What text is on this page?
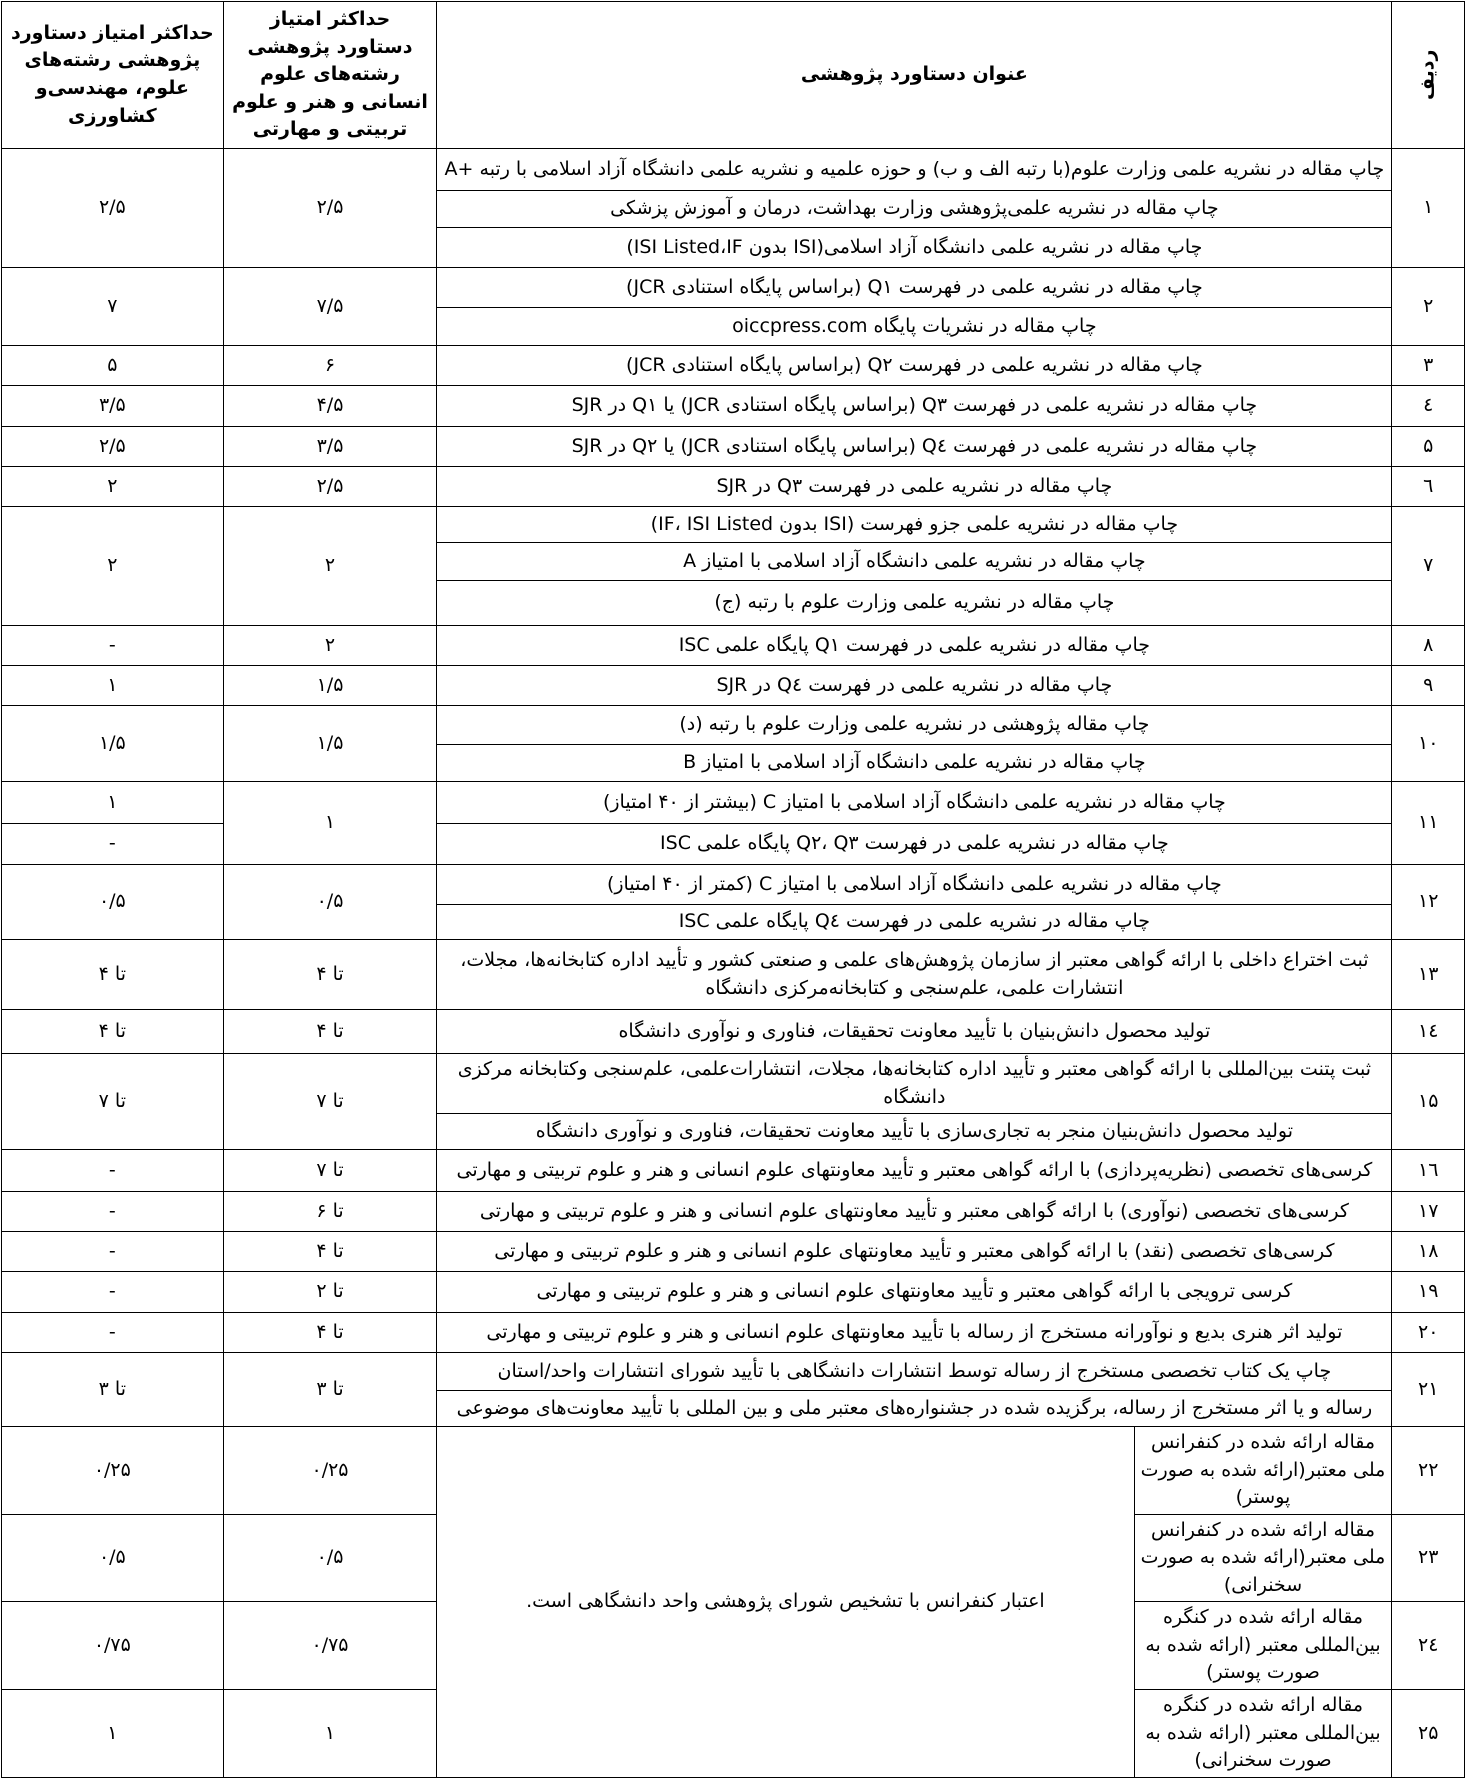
ردیف	عنوان دستاورد پژوهشی		حداکثر امتیاز دستاورد پژوهشی رشته‌های علوم انسانی و هنر و علوم تربیتی و مهارتی	حداکثر امتیاز دستاورد پژوهشی رشته‌های علوم، مهندسی‌و کشاورزی
۱	چاپ مقاله در نشریه علمی وزارت علوم(با رتبه الف و ب) و حوزه علمیه و نشریه علمی دانشگاه آزاد اسلامی با رتبه +A		۲/۵	۲/۵
	چاپ مقاله در نشریه علمی‌پژوهشی وزارت بهداشت، درمان و آموزش پزشکی			
	چاپ مقاله در نشریه علمی دانشگاه آزاد اسلامی(ISI بدون ISI Listed،IF)			
۲	چاپ مقاله در نشریه علمی در فهرست Q۱ (براساس پایگاه استنادی JCR)		۷/۵	۷
	چاپ مقاله در نشریات پایگاه oiccpress.com			
۳	چاپ مقاله در نشریه علمی در فهرست Q۲ (براساس پایگاه استنادی JCR)		۶	۵
٤	چاپ مقاله در نشریه علمی در فهرست Q۳ (براساس پایگاه استنادی JCR) یا Q۱ در SJR		۴/۵	۳/۵
۵	چاپ مقاله در نشریه علمی در فهرست Q٤ (براساس پایگاه استنادی JCR) یا Q۲ در SJR		۳/۵	۲/۵
٦	چاپ مقاله در نشریه علمی در فهرست Q۳ در SJR		۲/۵	۲
۷	چاپ مقاله در نشریه علمی جزو فهرست (ISI بدون IF، ISI Listed)		۲	۲
	چاپ مقاله در نشریه علمی دانشگاه آزاد اسلامی با امتیاز A			
	چاپ مقاله در نشریه علمی وزارت علوم با رتبه (ج)			
۸	چاپ مقاله در نشریه علمی در فهرست Q۱ پایگاه علمی ISC		۲	-
۹	چاپ مقاله در نشریه علمی در فهرست Q٤ در SJR		۱/۵	۱
۱۰	چاپ مقاله پژوهشی در نشریه علمی وزارت علوم با رتبه (د)		۱/۵	۱/۵
	چاپ مقاله در نشریه علمی دانشگاه آزاد اسلامی با امتیاز B			
۱۱	چاپ مقاله در نشریه علمی دانشگاه آزاد اسلامی با امتیاز C (بیشتر از ۴۰ امتیاز)		۱	۱
	چاپ مقاله در نشریه علمی در فهرست Q۲، Q۳ پایگاه علمی ISC			-
۱۲	چاپ مقاله در نشریه علمی دانشگاه آزاد اسلامی با امتیاز C (کمتر از ۴۰ امتیاز)		۰/۵	۰/۵
	چاپ مقاله در نشریه علمی در فهرست Q٤ پایگاه علمی ISC			
۱۳	ثبت اختراع داخلی با ارائه گواهی معتبر از سازمان پژوهش‌های علمی و صنعتی کشور و تأیید اداره کتابخانه‌ها، مجلات، انتشارات علمی، علم‌سنجی و کتابخانه‌مرکزی دانشگاه		تا ۴	تا ۴
۱٤	تولید محصول دانش‌بنیان با تأیید معاونت تحقیقات، فناوری و نوآوری دانشگاه		تا ۴	تا ۴
۱۵	ثبت پتنت بین‌المللی با ارائه گواهی معتبر و تأیید اداره کتابخانه‌ها، مجلات، انتشارات‌علمی، علم‌سنجی وکتابخانه مرکزی دانشگاه		تا ۷	تا ۷
	تولید محصول دانش‌بنیان منجر به تجاری‌سازی با تأیید معاونت تحقیقات، فناوری و نوآوری دانشگاه			
۱٦	کرسی‌های تخصصی (نظریه‌پردازی) با ارائه گواهی معتبر و تأیید معاونتهای علوم انسانی و هنر و علوم تربیتی و مهارتی		تا ۷	-
۱۷	کرسی‌های تخصصی (نوآوری) با ارائه گواهی معتبر و تأیید معاونتهای علوم انسانی و هنر و علوم تربیتی و مهارتی		تا ۶	-
۱۸	کرسی‌های تخصصی (نقد) با ارائه گواهی معتبر و تأیید معاونتهای علوم انسانی و هنر و علوم تربیتی و مهارتی		تا ۴	-
۱۹	کرسی ترویجی با ارائه گواهی معتبر و تأیید معاونتهای علوم انسانی و هنر و علوم تربیتی و مهارتی		تا ۲	-
۲۰	تولید اثر هنری بدیع و نوآورانه مستخرج از رساله با تأیید معاونتهای علوم انسانی و هنر و علوم تربیتی و مهارتی		تا ۴	-
۲۱	چاپ یک کتاب تخصصی مستخرج از رساله توسط انتشارات دانشگاهی با تأیید شورای انتشارات واحد/استان		تا ۳	تا ۳
	رساله و یا اثر مستخرج از رساله، برگزیده شده در جشنواره‌های معتبر ملی و بین المللی با تأیید معاونت‌های موضوعی			
۲۲	مقاله ارائه شده در کنفرانس ملی معتبر(ارائه شده به صورت پوستر)	اعتبار کنفرانس با تشخیص شورای پژوهشی واحد دانشگاهی است.	۰/۲۵	۰/۲۵
۲۳	مقاله ارائه شده در کنفرانس ملی معتبر(ارائه شده به صورت سخنرانی)		۰/۵	۰/۵
۲٤	مقاله ارائه شده در کنگره بین‌المللی معتبر (ارائه شده به صورت پوستر)		۰/۷۵	۰/۷۵
۲۵	مقاله ارائه شده در کنگره بین‌المللی معتبر (ارائه شده به صورت سخنرانی)		۱	۱
